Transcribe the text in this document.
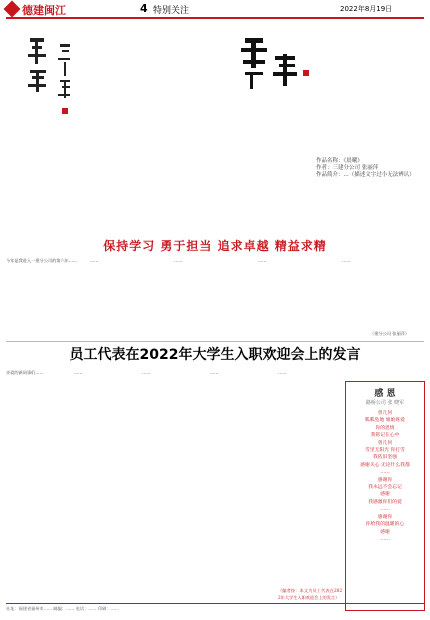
德建闽江	4 特别关注	2022年8月19日
作品名称：《晨曦》
作者：三建分公司 张丽萍
作品简介：...（描述文字过小无法辨认）
保持学习 勇于担当 追求卓越 精益求精
今年是我进入一建分公司的第六年……	……	……	……	……
（建分公司 张丽萍）
员工代表在2022年大学生入职欢迎会上的发言
亲爱的新同事们……	……	……	……	……
（编者按：本文为员工代表在2022年大学生入职欢迎会上的发言）
感 恩
路桥公司 张 晓军
曾几何
呱呱坠地 娘娘疼爱
你的恩情
我铭记在心中
曾几何
雪里无阳光 你打雪
我依旧坚强
感谢关心 无论什么我都
……
感谢你
我永远不会忘记
感谢
我感激你们的爱
……
感谢你
你给我的温暖的心
感谢
……
社址：福建省福州市…… 邮编：…… 电话：…… 印刷：……
